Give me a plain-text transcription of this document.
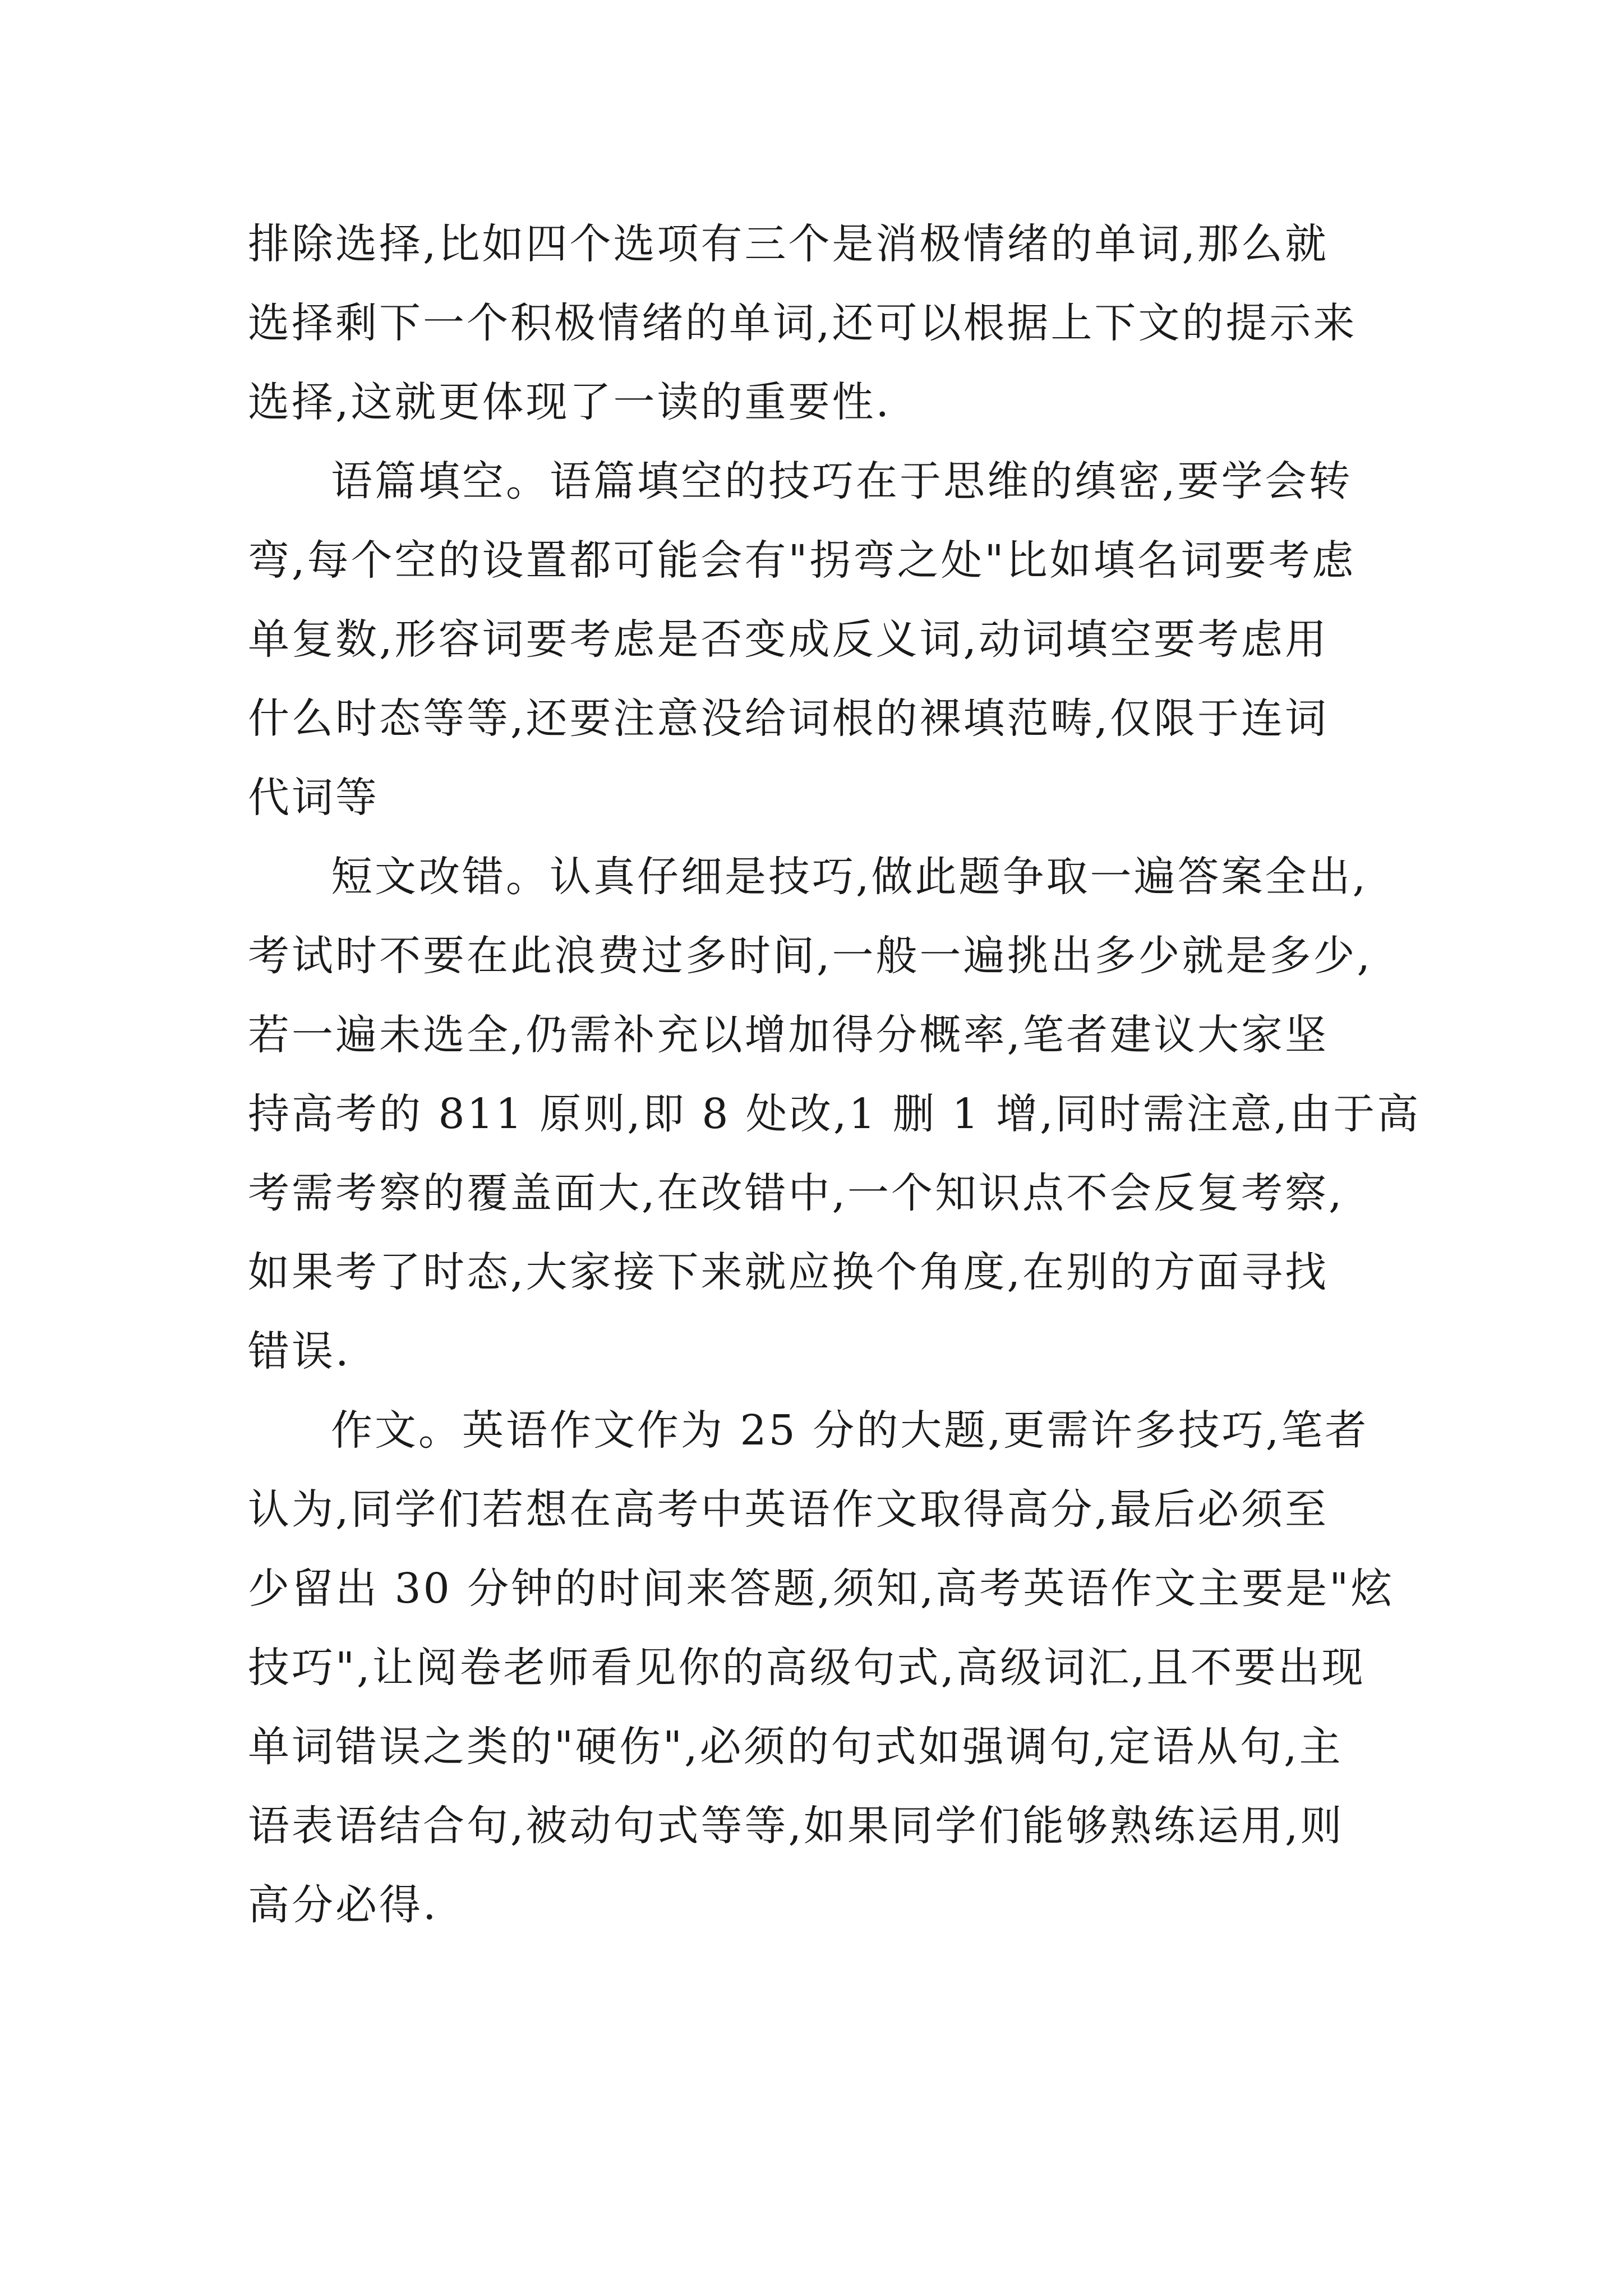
排除选择,比如四个选项有三个是消极情绪的单词,那么就
选择剩下一个积极情绪的单词,还可以根据上下文的提示来
选择,这就更体现了一读的重要性.
语篇填空。语篇填空的技巧在于思维的缜密,要学会转
弯,每个空的设置都可能会有"拐弯之处"比如填名词要考虑
单复数,形容词要考虑是否变成反义词,动词填空要考虑用
什么时态等等,还要注意没给词根的裸填范畴,仅限于连词
代词等
短文改错。认真仔细是技巧,做此题争取一遍答案全出,
考试时不要在此浪费过多时间,一般一遍挑出多少就是多少,
若一遍未选全,仍需补充以增加得分概率,笔者建议大家坚
持高考的 811 原则,即 8 处改,1 删 1 增,同时需注意,由于高
考需考察的覆盖面大,在改错中,一个知识点不会反复考察,
如果考了时态,大家接下来就应换个角度,在别的方面寻找
错误.
作文。英语作文作为 25 分的大题,更需许多技巧,笔者
认为,同学们若想在高考中英语作文取得高分,最后必须至
少留出 30 分钟的时间来答题,须知,高考英语作文主要是"炫
技巧",让阅卷老师看见你的高级句式,高级词汇,且不要出现
单词错误之类的"硬伤",必须的句式如强调句,定语从句,主
语表语结合句,被动句式等等,如果同学们能够熟练运用,则
高分必得.
